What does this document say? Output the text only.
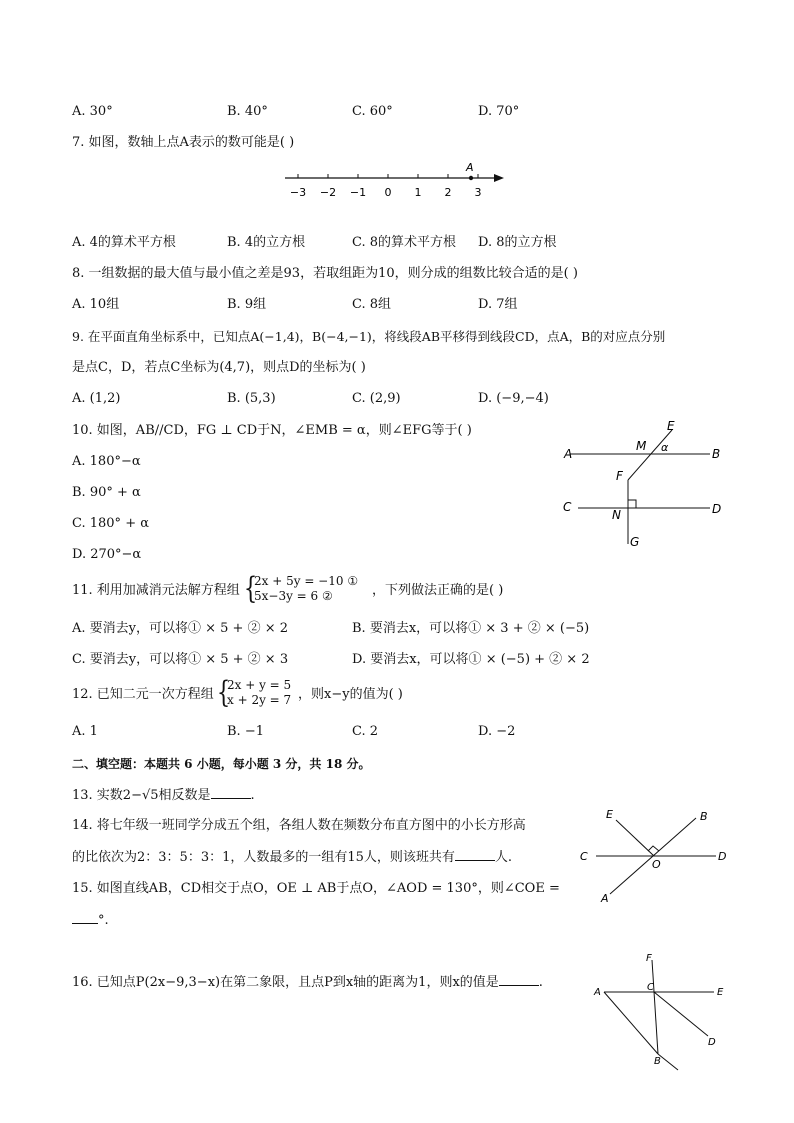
A. 30°	B. 40°	C. 60°	D. 70°
7. 如图，数轴上点A表示的数可能是( )
−3 −2 −1 0 1 2 3
A
A. 4的算术平方根	B. 4的立方根	C. 8的算术平方根 D. 8的立方根
8. 一组数据的最大值与最小值之差是93，若取组距为10，则分成的组数比较合适的是( )
A. 10组	B. 9组	C. 8组	D. 7组
9. 在平面直角坐标系中，已知点A(−1,4)，B(−4,−1)，将线段AB平移得到线段CD，点A，B的对应点分别
是点C，D，若点C坐标为(4,7)，则点D的坐标为( )
A. (1,2)	B. (5,3)	C. (2,9)	D. (−9,−4)
10. 如图，AB//CD，FG ⊥ CD于N，∠EMB = α，则∠EFG等于( )
A. 180°−α
B. 90° + α
C. 180° + α
D. 270°−α
E
M α
A	B
F
C
N	D
G
11. 利用加减消元法解方程组 {
2x + 5y = −10 ①
5x−3y = 6 ②	，下列做法正确的是( )
A. 要消去y，可以将① × 5 + ② × 2	B. 要消去x，可以将① × 3 + ② × (−5)
C. 要消去y，可以将① × 5 + ② × 3	D. 要消去x，可以将① × (−5) + ② × 2
12. 已知二元一次方程组 {
2x + y = 5
x + 2y = 7 ，则x−y的值为( )
A. 1	B. −1	C. 2	D. −2
二、填空题：本题共 6 小题，每小题 3 分，共 18 分。
13. 实数2−√5相反数是	.
14. 将七年级一班同学分成五个组，各组人数在频数分布直方图中的小长方形高
的比依次为2：3：5：3：1，人数最多的一组有15人，则该班共有	人.
15. 如图直线AB，CD相交于点O，OE ⊥ AB于点O，∠AOD = 130°，则∠COE =
°.
E	B
C
O
D
A
16. 已知点P(2x−9,3−x)在第二象限，且点P到x轴的距离为1，则x的值是	.
F
A	C	E
B
D
